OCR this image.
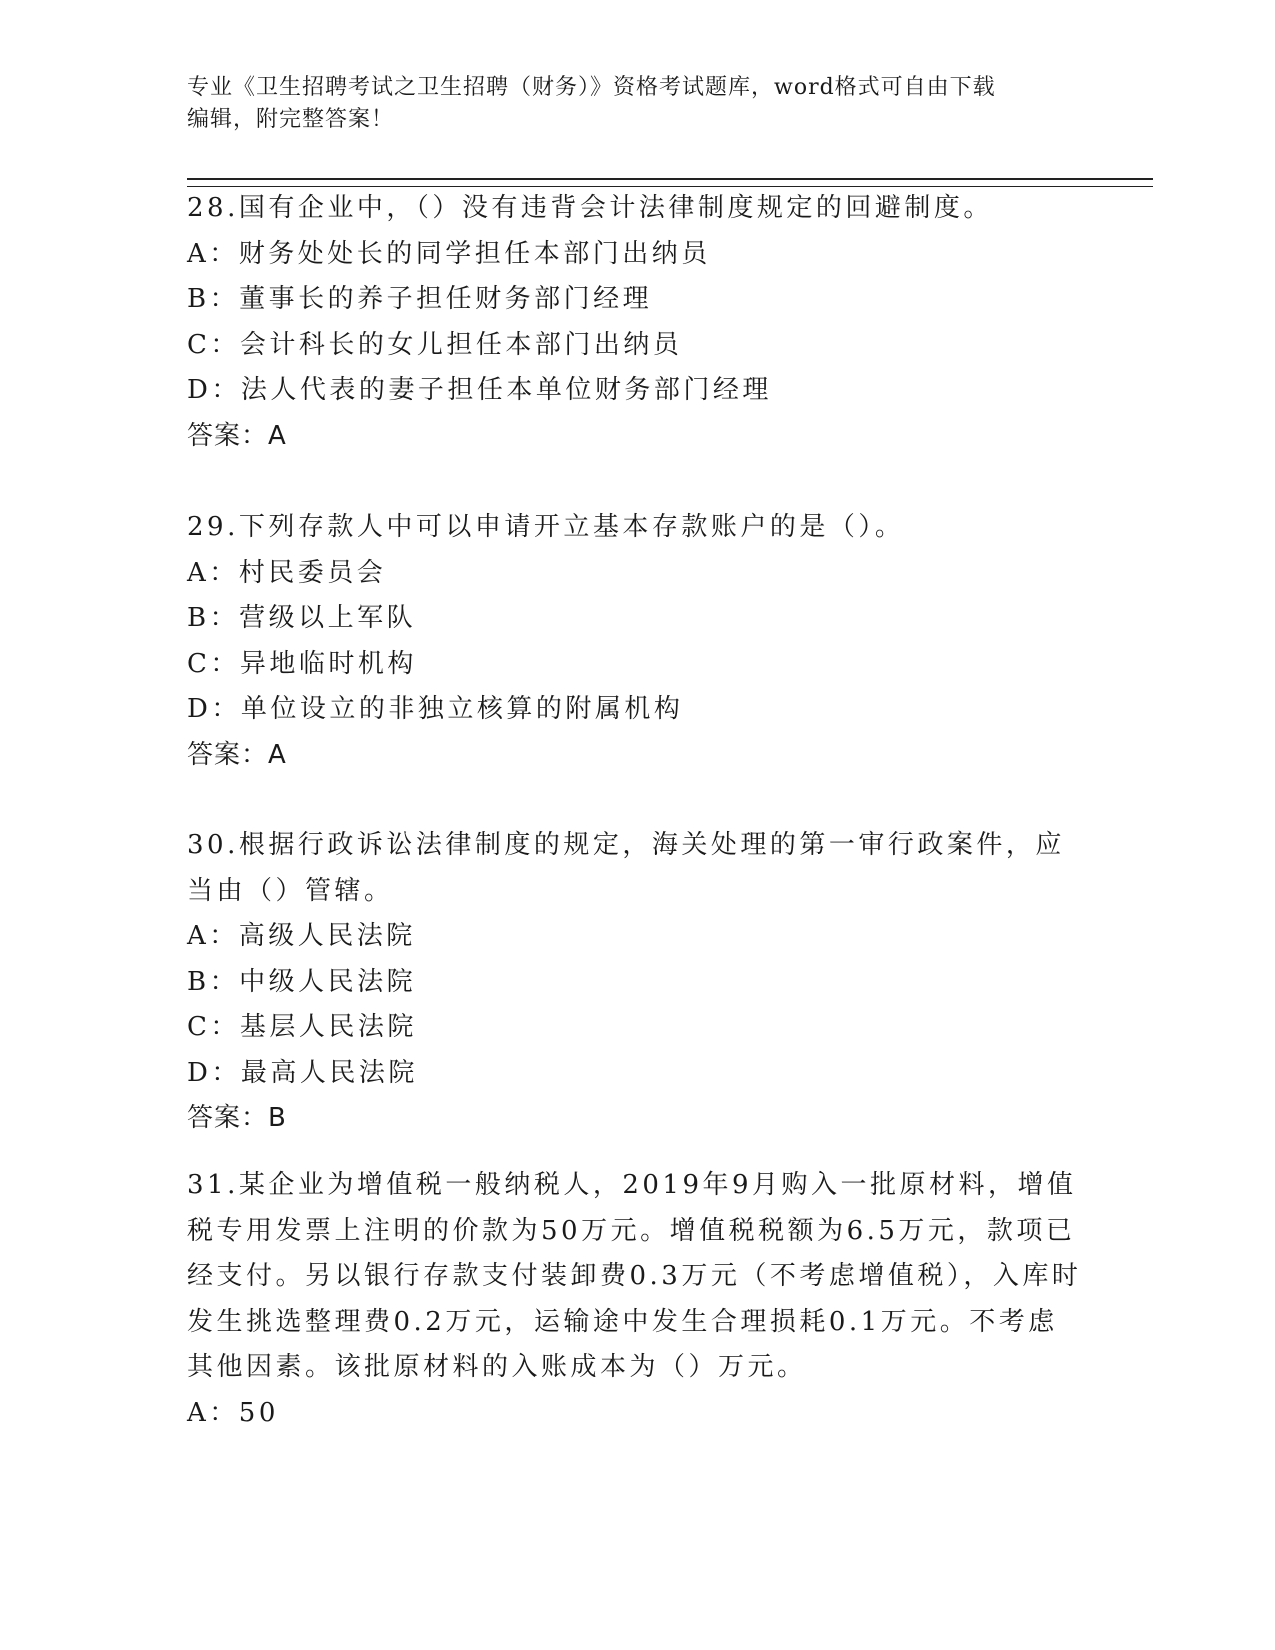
专业《卫生招聘考试之卫生招聘（财务）》资格考试题库，word格式可自由下载
编辑，附完整答案！
28.国有企业中，（）没有违背会计法律制度规定的回避制度。
A：财务处处长的同学担任本部门出纳员
B：董事长的养子担任财务部门经理
C：会计科长的女儿担任本部门出纳员
D：法人代表的妻子担任本单位财务部门经理
答案：A
29.下列存款人中可以申请开立基本存款账户的是（）。
A：村民委员会
B：营级以上军队
C：异地临时机构
D：单位设立的非独立核算的附属机构
答案：A
30.根据行政诉讼法律制度的规定，海关处理的第一审行政案件，应当由（）管辖。
A：高级人民法院
B：中级人民法院
C：基层人民法院
D：最高人民法院
答案：B
31.某企业为增值税一般纳税人，2019年9月购入一批原材料，增值税专用发票上注明的价款为50万元。增值税税额为6.5万元，款项已经支付。另以银行存款支付装卸费0.3万元（不考虑增值税），入库时发生挑选整理费0.2万元，运输途中发生合理损耗0.1万元。不考虑其他因素。该批原材料的入账成本为（）万元。
A：50
